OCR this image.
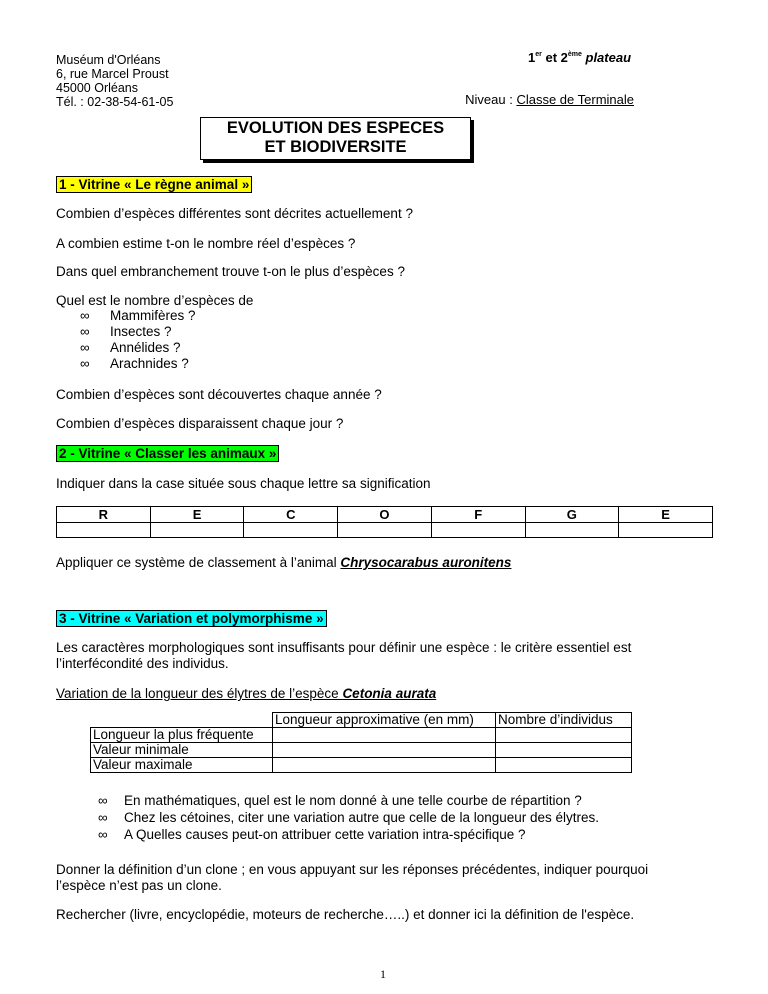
Muséum d'Orléans
6, rue Marcel Proust
45000 Orléans
Tél. : 02-38-54-61-05
1er et 2ème plateau
Niveau : Classe de Terminale
EVOLUTION DES ESPECES
ET BIODIVERSITE
1 - Vitrine « Le règne animal »
Combien d’espèces différentes sont décrites actuellement ?
A combien estime t-on le nombre réel d’espèces ?
Dans quel embranchement trouve t-on le plus d’espèces ?
Quel est le nombre d’espèces de
∞ Mammifères ?
∞ Insectes ?
∞ Annélides ?
∞ Arachnides ?
Combien d’espèces sont découvertes chaque année ?
Combien d’espèces disparaissent chaque jour ?
2 - Vitrine « Classer les animaux »
Indiquer dans la case située sous chaque lettre sa signification
R	E	C	O	F	G	E

Appliquer ce système de classement à l’animal Chrysocarabus auronitens
3 - Vitrine « Variation et polymorphisme »
Les caractères morphologiques sont insuffisants pour définir une espèce : le critère essentiel est
l’interfécondité des individus.
Variation de la longueur des élytres de l’espèce Cetonia aurata
	Longueur approximative (en mm)	Nombre d’individus
Longueur la plus fréquente		
Valeur minimale		
Valeur maximale		
∞ En mathématiques, quel est le nom donné à une telle courbe de répartition ?
∞ Chez les cétoines, citer une variation autre que celle de la longueur des élytres.
∞ A Quelles causes peut-on attribuer cette variation intra-spécifique ?
Donner la définition d’un clone ; en vous appuyant sur les réponses précédentes, indiquer pourquoi
l’espèce n’est pas un clone.
Rechercher (livre, encyclopédie, moteurs de recherche…..) et donner ici la définition de l'espèce.
1
